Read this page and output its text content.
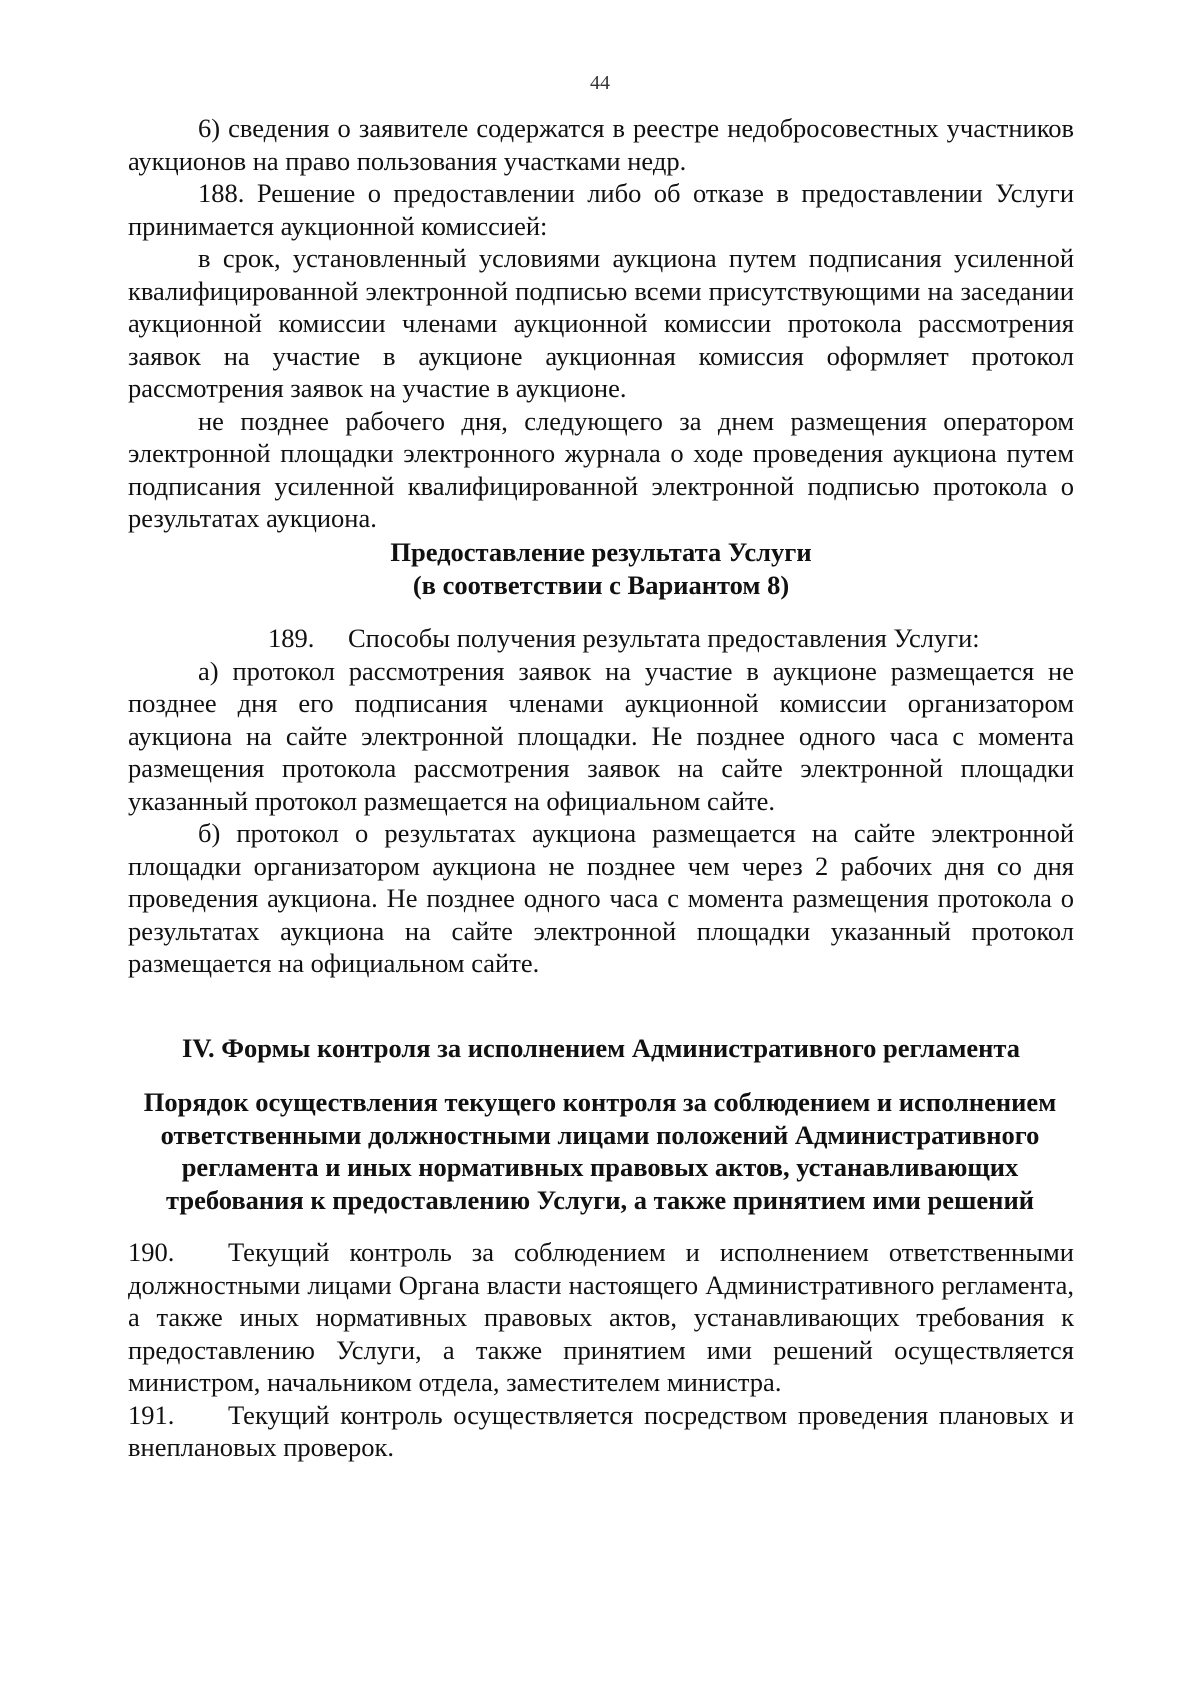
44

6) сведения о заявителе содержатся в реестре недобросовестных участников аукционов на право пользования участками недр.

188. Решение о предоставлении либо об отказе в предоставлении Услуги принимается аукционной комиссией:

в срок, установленный условиями аукциона путем подписания усиленной квалифицированной электронной подписью всеми присутствующими на заседании аукционной комиссии членами аукционной комиссии протокола рассмотрения заявок на участие в аукционе аукционная комиссия оформляет протокол рассмотрения заявок на участие в аукционе.

не позднее рабочего дня, следующего за днем размещения оператором электронной площадки электронного журнала о ходе проведения аукциона путем подписания усиленной квалифицированной электронной подписью протокола о результатах аукциона.

Предоставление результата Услуги

(в соответствии с Вариантом 8)

189. Способы получения результата предоставления Услуги:

а) протокол рассмотрения заявок на участие в аукционе размещается не позднее дня его подписания членами аукционной комиссии организатором аукциона на сайте электронной площадки. Не позднее одного часа с момента размещения протокола рассмотрения заявок на сайте электронной площадки указанный протокол размещается на официальном сайте.

б) протокол о результатах аукциона размещается на сайте электронной площадки организатором аукциона не позднее чем через 2 рабочих дня со дня проведения аукциона. Не позднее одного часа с момента размещения протокола о результатах аукциона на сайте электронной площадки указанный протокол размещается на официальном сайте.

IV. Формы контроля за исполнением Административного регламента

Порядок осуществления текущего контроля за соблюдением и исполнением ответственными должностными лицами положений Административного регламента и иных нормативных правовых актов, устанавливающих требования к предоставлению Услуги, а также принятием ими решений

190. Текущий контроль за соблюдением и исполнением ответственными должностными лицами Органа власти настоящего Административного регламента, а также иных нормативных правовых актов, устанавливающих требования к предоставлению Услуги, а также принятием ими решений осуществляется министром, начальником отдела, заместителем министра.

191. Текущий контроль осуществляется посредством проведения плановых и внеплановых проверок.
